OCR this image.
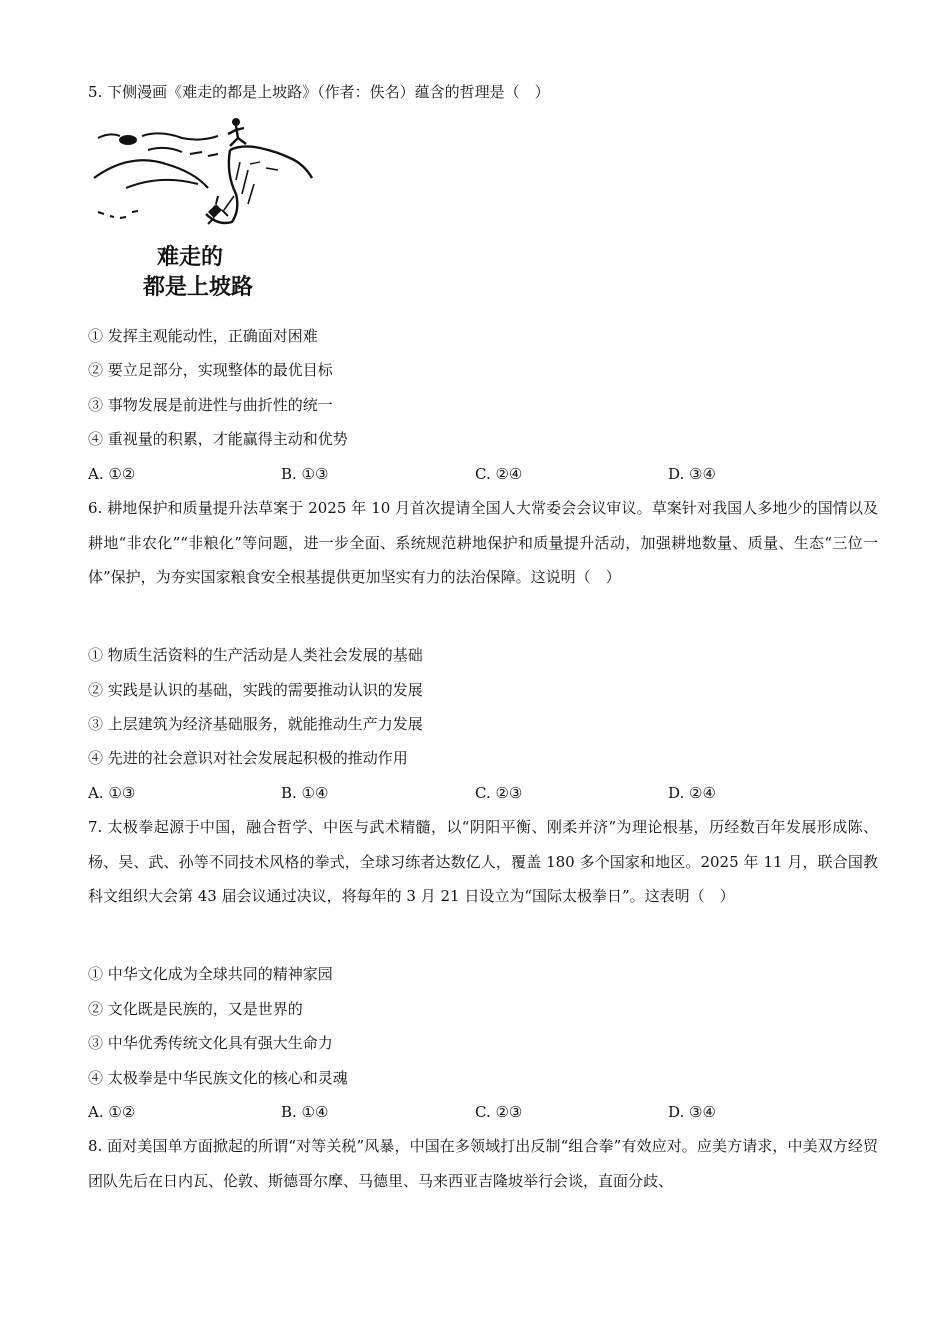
5. 下侧漫画《难走的都是上坡路》（作者：佚名）蕴含的哲理是（　）
难走的
都是上坡路
① 发挥主观能动性，正确面对困难
② 要立足部分，实现整体的最优目标
③ 事物发展是前进性与曲折性的统一
④ 重视量的积累，才能赢得主动和优势
A. ①②	B. ①③	C. ②④	D. ③④
6. 耕地保护和质量提升法草案于 2025 年 10 月首次提请全国人大常委会会议审议。草案针对我国人多地少的国情以及耕地“非农化”“非粮化”等问题，进一步全面、系统规范耕地保护和质量提升活动，加强耕地数量、质量、生态“三位一体”保护，为夯实国家粮食安全根基提供更加坚实有力的法治保障。这说明（　）
① 物质生活资料的生产活动是人类社会发展的基础
② 实践是认识的基础，实践的需要推动认识的发展
③ 上层建筑为经济基础服务，就能推动生产力发展
④ 先进的社会意识对社会发展起积极的推动作用
A. ①③	B. ①④	C. ②③	D. ②④
7. 太极拳起源于中国，融合哲学、中医与武术精髓，以“阴阳平衡、刚柔并济”为理论根基，历经数百年发展形成陈、杨、吴、武、孙等不同技术风格的拳式，全球习练者达数亿人，覆盖 180 多个国家和地区。2025 年 11 月，联合国教科文组织大会第 43 届会议通过决议，将每年的 3 月 21 日设立为“国际太极拳日”。这表明（　）
① 中华文化成为全球共同的精神家园
② 文化既是民族的，又是世界的
③ 中华优秀传统文化具有强大生命力
④ 太极拳是中华民族文化的核心和灵魂
A. ①②	B. ①④	C. ②③	D. ③④
8. 面对美国单方面掀起的所谓“对等关税”风暴，中国在多领域打出反制“组合拳”有效应对。应美方请求，中美双方经贸团队先后在日内瓦、伦敦、斯德哥尔摩、马德里、马来西亚吉隆坡举行会谈，直面分歧、
